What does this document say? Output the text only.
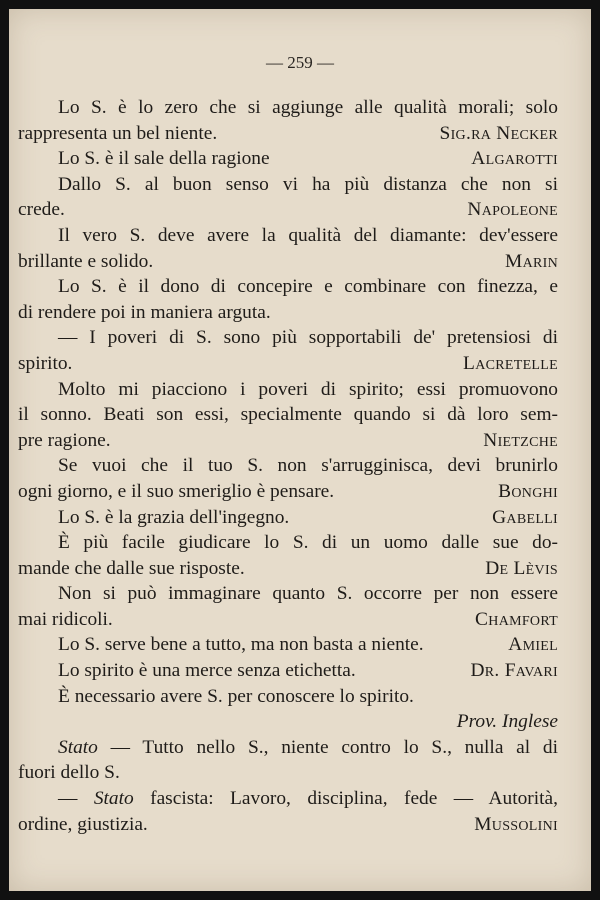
— 259 —
Lo S. è lo zero che si aggiunge alle qualità morali; solo
rappresenta un bel niente.	Sig.ra Necker
Lo S. è il sale della ragione	Algarotti
Dallo S. al buon senso vi ha più distanza che non si
crede.	Napoleone
Il vero S. deve avere la qualità del diamante: dev'essere
brillante e solido.	Marin
Lo S. è il dono di concepire e combinare con finezza, e
di rendere poi in maniera arguta.
— I poveri di S. sono più sopportabili de' pretensiosi di
spirito.	Lacretelle
Molto mi piacciono i poveri di spirito; essi promuovono
il sonno. Beati son essi, specialmente quando si dà loro sem-
pre ragione.	Nietzche
Se vuoi che il tuo S. non s'arrugginisca, devi brunirlo
ogni giorno, e il suo smeriglio è pensare.	Bonghi
Lo S. è la grazia dell'ingegno.	Gabelli
È più facile giudicare lo S. di un uomo dalle sue do-
mande che dalle sue risposte.	De Lèvis
Non si può immaginare quanto S. occorre per non essere
mai ridicoli.	Chamfort
Lo S. serve bene a tutto, ma non basta a niente.	Amiel
Lo spirito è una merce senza etichetta.	Dr. Favari
È necessario avere S. per conoscere lo spirito.
Prov. Inglese
Stato — Tutto nello S., niente contro lo S., nulla al di
fuori dello S.
— Stato fascista: Lavoro, disciplina, fede — Autorità,
ordine, giustizia.	Mussolini
